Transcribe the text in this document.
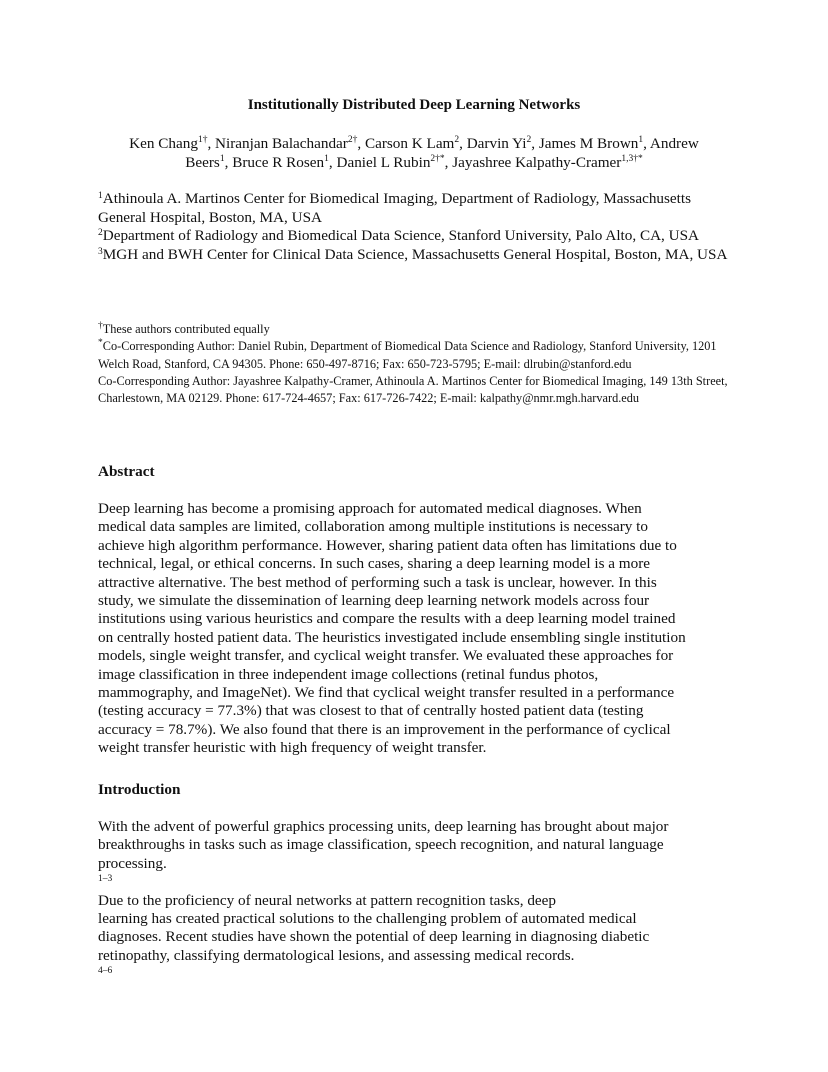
Institutionally Distributed Deep Learning Networks
Ken Chang$^{1\dagger}$, Niranjan Balachandar$^{2\dagger}$, Carson K Lam$^2$, Darvin Yi$^2$, James M Brown$^1$, Andrew
Beers$^1$, Bruce R Rosen$^1$, Daniel L Rubin$^{2\dagger*}$, Jayashree Kalpathy-Cramer$^{1,3\dagger*}$

$^1$Athinoula A. Martinos Center for Biomedical Imaging, Department of Radiology, Massachusetts General Hospital, Boston, MA, USA

$^2$Department of Radiology and Biomedical Data Science, Stanford University, Palo Alto, CA, USA

$^3$MGH and BWH Center for Clinical Data Science, Massachusetts General Hospital, Boston, MA, USA

†These authors contributed equally

*Co-Corresponding Author: Daniel Rubin, Department of Biomedical Data Science and Radiology, Stanford University, 1201 Welch Road, Stanford, CA 94305. Phone: 650-497-8716; Fax: 650-723-5795; E-mail: dlrubin@stanford.edu

Co-Corresponding Author: Jayashree Kalpathy-Cramer, Athinoula A. Martinos Center for Biomedical Imaging, 149 13th Street, Charlestown, MA 02129. Phone: 617-724-4657; Fax: 617-726-7422; E-mail: kalpathy@nmr.mgh.harvard.edu

Abstract
Deep learning has become a promising approach for automated medical diagnoses. When
medical data samples are limited, collaboration among multiple institutions is necessary to
achieve high algorithm performance. However, sharing patient data often has limitations due to
technical, legal, or ethical concerns. In such cases, sharing a deep learning model is a more
attractive alternative. The best method of performing such a task is unclear, however. In this
study, we simulate the dissemination of learning deep learning network models across four
institutions using various heuristics and compare the results with a deep learning model trained
on centrally hosted patient data. The heuristics investigated include ensembling single institution
models, single weight transfer, and cyclical weight transfer. We evaluated these approaches for
image classification in three independent image collections (retinal fundus photos,
mammography, and ImageNet). We find that cyclical weight transfer resulted in a performance
(testing accuracy = 77.3%) that was closest to that of centrally hosted patient data (testing
accuracy = 78.7%). We also found that there is an improvement in the performance of cyclical
weight transfer heuristic with high frequency of weight transfer.
Introduction
With the advent of powerful graphics processing units, deep learning has brought about major
breakthroughs in tasks such as image classification, speech recognition, and natural language
processing.
$^{1-3}$
Due to the proficiency of neural networks at pattern recognition tasks, deep
learning has created practical solutions to the challenging problem of automated medical
diagnoses. Recent studies have shown the potential of deep learning in diagnosing diabetic
retinopathy, classifying dermatological lesions, and assessing medical records.
$^{4-6}$
